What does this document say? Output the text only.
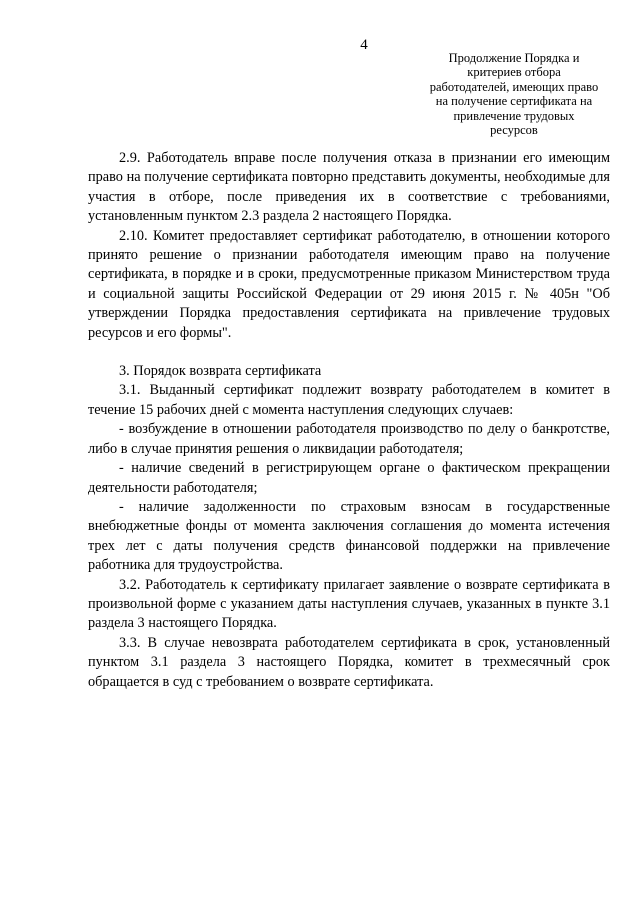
4
Продолжение Порядка и
критериев отбора
работодателей, имеющих право
на получение сертификата на
привлечение трудовых
ресурсов

2.9. Работодатель вправе после получения отказа в признании его имеющим право на получение сертификата повторно представить документы, необходимые для участия в отборе, после приведения их в соответствие с требованиями, установленным пунктом 2.3 раздела 2 настоящего Порядка.

2.10. Комитет предоставляет сертификат работодателю, в отношении которого принято решение о признании работодателя имеющим право на получение сертификата, в порядке и в сроки, предусмотренные приказом Министерством труда и социальной защиты Российской Федерации от 29 июня 2015 г. № 405н "Об утверждении Порядка предоставления сертификата на привлечение трудовых ресурсов и его формы".

3. Порядок возврата сертификата

3.1. Выданный сертификат подлежит возврату работодателем в комитет в течение 15 рабочих дней с момента наступления следующих случаев:

- возбуждение в отношении работодателя производство по делу о банкротстве, либо в случае принятия решения о ликвидации работодателя;

- наличие сведений в регистрирующем органе о фактическом прекращении деятельности работодателя;

- наличие задолженности по страховым взносам в государственные внебюджетные фонды от момента заключения соглашения до момента истечения трех лет с даты получения средств финансовой поддержки на привлечение работника для трудоустройства.

3.2. Работодатель к сертификату прилагает заявление о возврате сертификата в произвольной форме с указанием даты наступления случаев, указанных в пункте 3.1 раздела 3 настоящего Порядка.

3.3. В случае невозврата работодателем сертификата в срок, установленный пунктом 3.1 раздела 3 настоящего Порядка, комитет в трехмесячный срок обращается в суд с требованием о возврате сертификата.
